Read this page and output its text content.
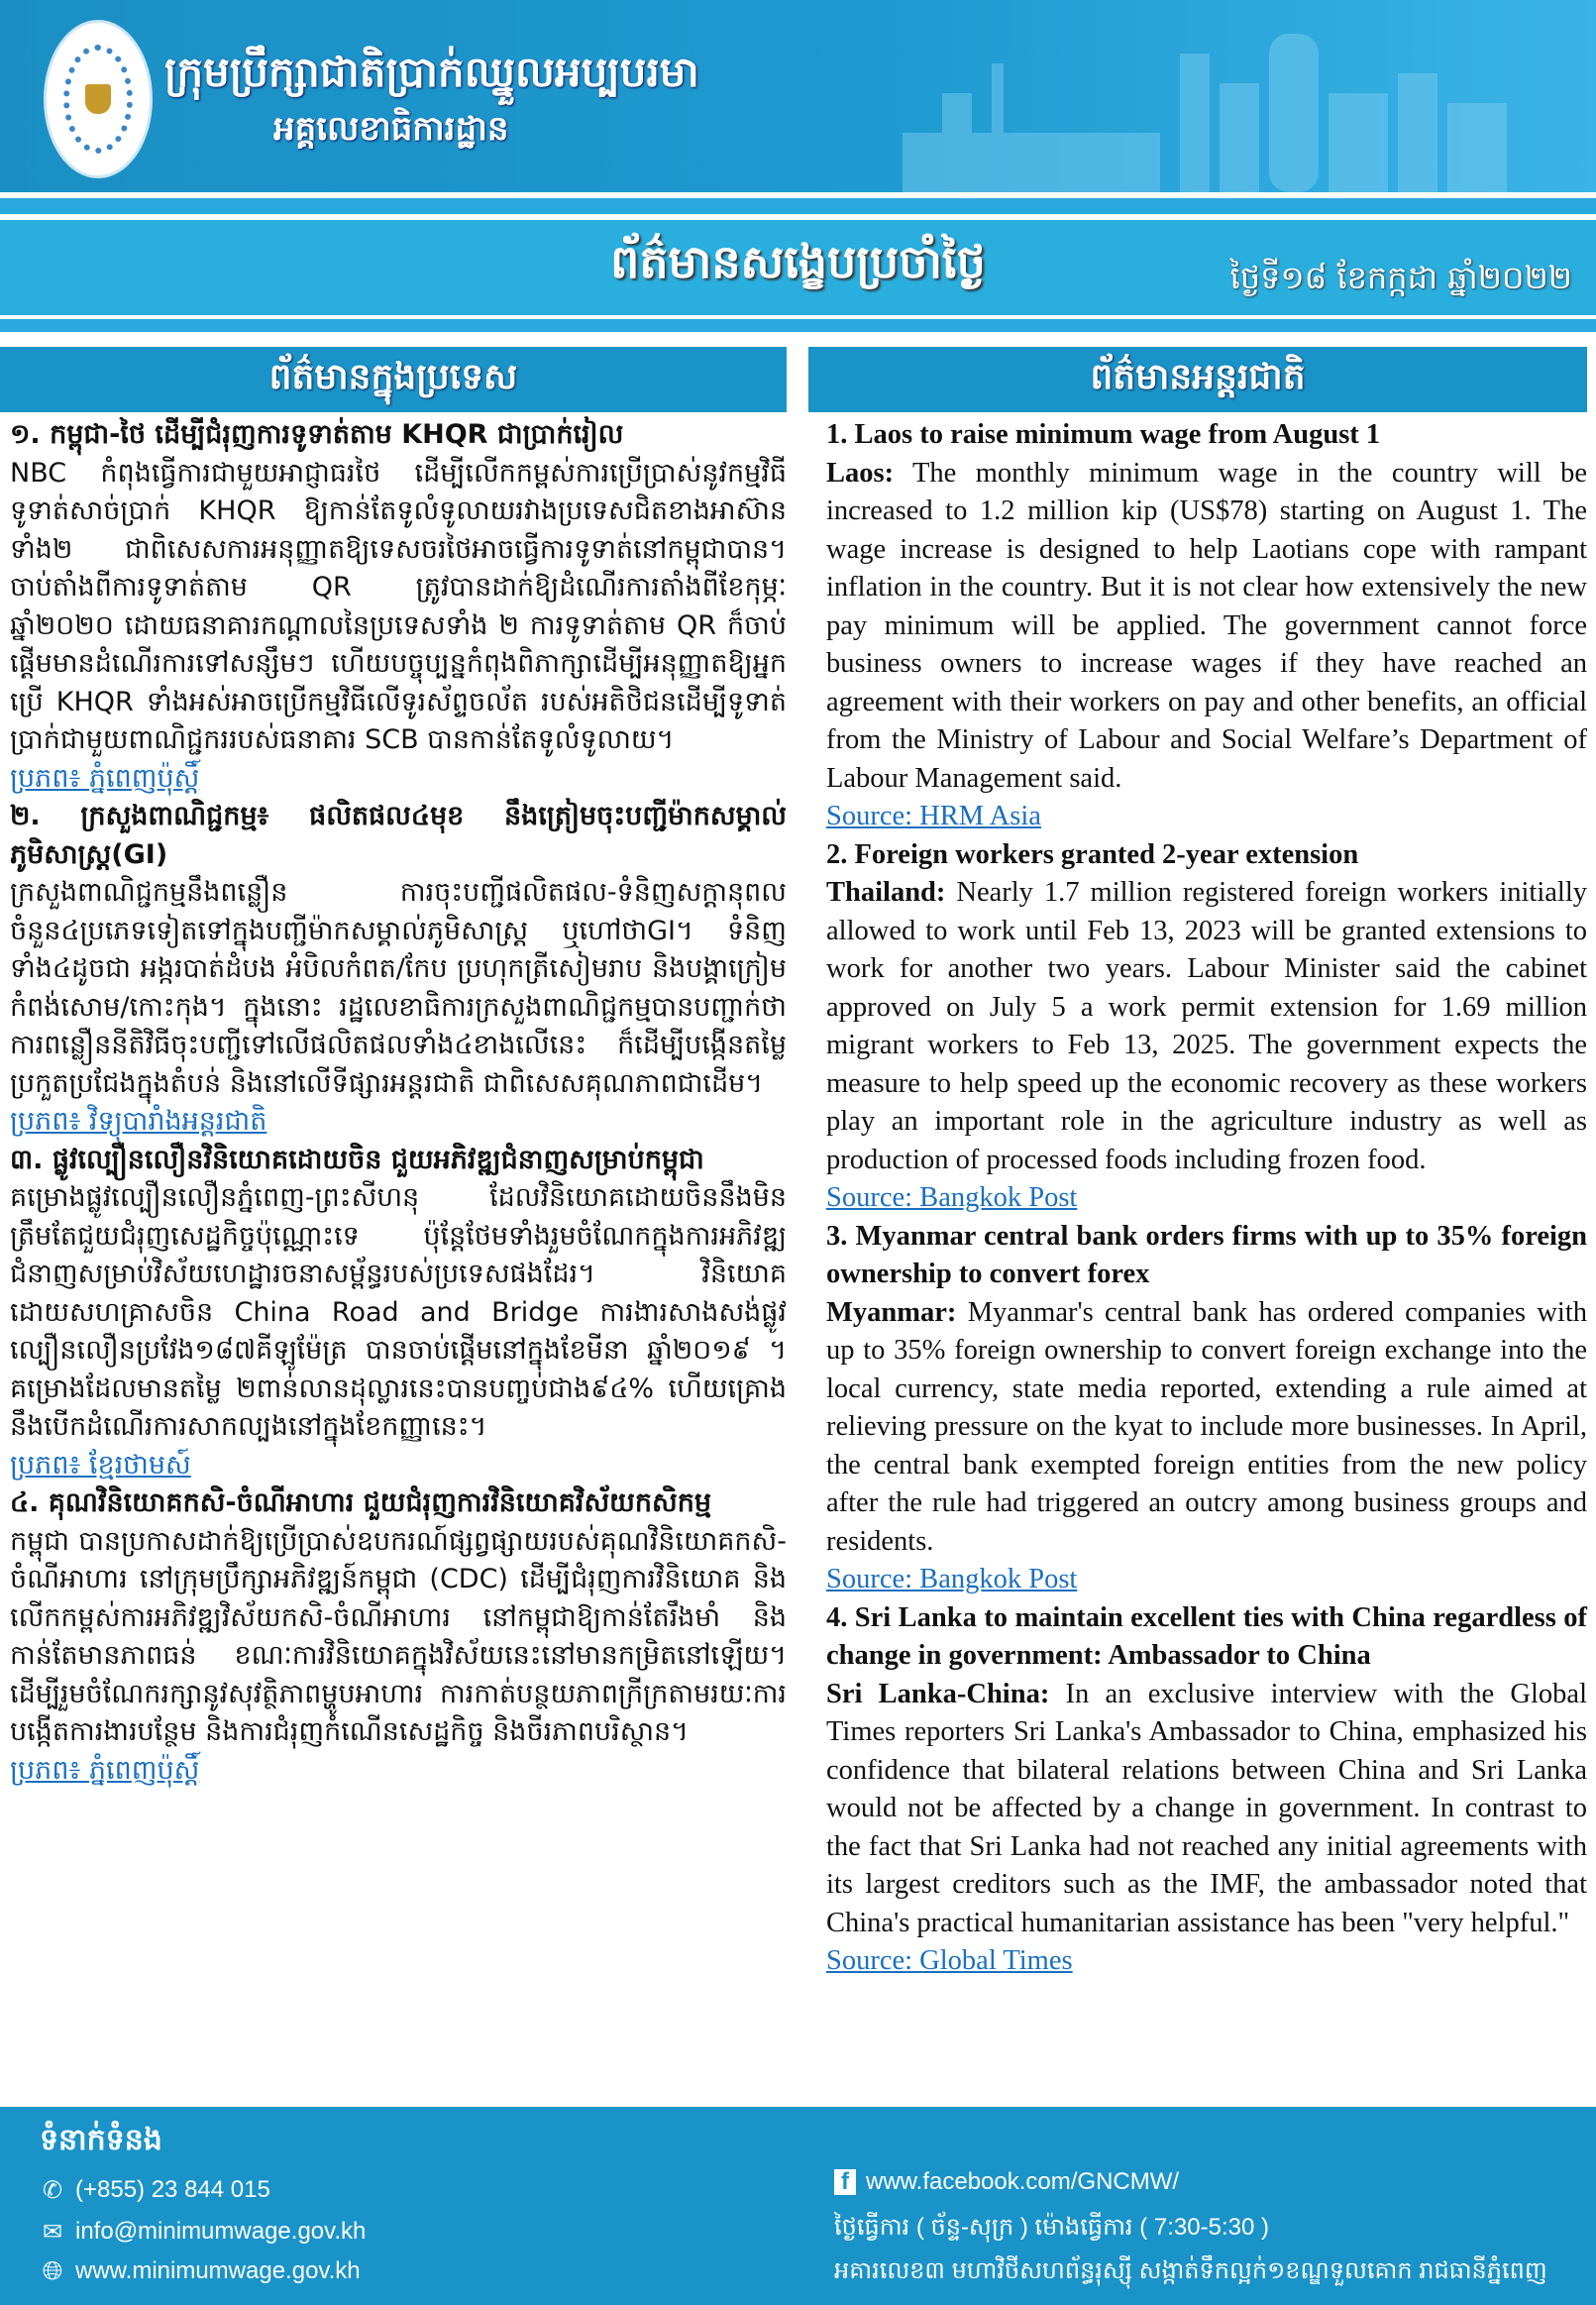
ក្រុមប្រឹក្សាជាតិប្រាក់ឈ្នួលអប្បបរមា
អគ្គលេខាធិការដ្ឋាន
ព័ត៌មានសង្ខេបប្រចាំថ្ងៃ	ថ្ងៃទី១៨ ខែកក្កដា ឆ្នាំ២០២២
ព័ត៌មានក្នុងប្រទេស	ព័ត៌មានអន្តរជាតិ
១. កម្ពុជា-ថៃ ដើម្បីជំរុញការទូទាត់តាម KHQR ជាប្រាក់រៀល
NBC កំពុងធ្វើការជាមួយអាជ្ញាធរថៃ ដើម្បីលើកកម្ពស់ការប្រើប្រាស់នូវកម្មវិធីទូទាត់សាច់ប្រាក់ KHQR ឱ្យកាន់តែទូលំទូលាយរវាងប្រទេសជិតខាងអាស៊ានទាំង២ ជាពិសេសការអនុញ្ញាតឱ្យទេសចរថៃអាចធ្វើការទូទាត់នៅកម្ពុជាបាន។ ចាប់តាំងពីការទូទាត់តាម QR ត្រូវបានដាក់ឱ្យដំណើរការតាំងពីខែកុម្ភៈ ឆ្នាំ២០២០ ដោយធនាគារកណ្តាលនៃប្រទេសទាំង ២ ការទូទាត់តាម QR ក៏ចាប់ផ្តើមមានដំណើរការទៅសន្សឹមៗ ហើយបច្ចុប្បន្នកំពុងពិភាក្សាដើម្បីអនុញ្ញាតឱ្យអ្នកប្រើ KHQR ទាំងអស់អាចប្រើកម្មវិធីលើទូរស័ព្ទចល័ត របស់អតិថិជនដើម្បីទូទាត់ប្រាក់ជាមួយពាណិជ្ជកររបស់ធនាគារ SCB បានកាន់តែទូលំទូលាយ។
ប្រភព៖ ភ្នំពេញប៉ុស្តិ៍
២. ក្រសួងពាណិជ្ជកម្ម៖ ផលិតផល៤មុខ នឹងត្រៀមចុះបញ្ជីម៉ាកសម្គាល់ភូមិសាស្ត្រ(GI)
ក្រសួងពាណិជ្ជកម្មនឹងពន្លឿន ការចុះបញ្ជីផលិតផល-ទំនិញសក្តានុពល ចំនួន៤ប្រភេទទៀតទៅក្នុងបញ្ជីម៉ាកសម្គាល់ភូមិសាស្ត្រ ឬហៅថាGI។ ទំនិញទាំង៤ដូចជា អង្ករបាត់ដំបង អំបិលកំពត/កែប ប្រហុកត្រីសៀមរាប និងបង្គាក្រៀមកំពង់សោម/កោះកុង។ ក្នុងនោះ រដ្ឋលេខាធិការក្រសួងពាណិជ្ជកម្មបានបញ្ជាក់ថា ការពន្លឿននីតិវិធីចុះបញ្ជីទៅលើផលិតផលទាំង៤ខាងលើនេះ ក៏ដើម្បីបង្កើនតម្លៃប្រកួតប្រជែងក្នុងតំបន់ និងនៅលើទីផ្សារអន្តរជាតិ ជាពិសេសគុណភាពជាដើម។
ប្រភព៖ វិទ្យុបារាំងអន្តរជាតិ
៣. ផ្លូវល្បឿនលឿនវិនិយោគដោយចិន ជួយអភិវឌ្ឍជំនាញសម្រាប់កម្ពុជា
គម្រោងផ្លូវល្បឿនលឿនភ្នំពេញ-ព្រះសីហនុ ដែលវិនិយោគដោយចិននឹងមិនត្រឹមតែជួយជំរុញសេដ្ឋកិច្ចប៉ុណ្ណោះទេ ប៉ុន្តែថែមទាំងរួមចំណែកក្នុងការអភិវឌ្ឍជំនាញសម្រាប់វិស័យហេដ្ឋារចនាសម្ព័ន្ធរបស់ប្រទេសផងដែរ។ វិនិយោគដោយសហគ្រាសចិន China Road and Bridge ការងារសាងសង់ផ្លូវល្បឿនលឿនប្រវែង១៨៧គីឡូម៉ែត្រ បានចាប់ផ្តើមនៅក្នុងខែមីនា ឆ្នាំ២០១៩ ។ គម្រោងដែលមានតម្លៃ ២ពាន់លានដុល្លារនេះបានបញ្ចប់ជាង៩៤% ហើយគ្រោងនឹងបើកដំណើរការសាកល្បងនៅក្នុងខែកញ្ញានេះ។
ប្រភព៖ ខ្មែរថាមស៍
៤. គុណវិនិយោគកសិ-ចំណីអាហារ ជួយជំរុញការវិនិយោគវិស័យកសិកម្ម
កម្ពុជា បានប្រកាសដាក់ឱ្យប្រើប្រាស់ឧបករណ៍ផ្សព្វផ្សាយរបស់គុណវិនិយោគកសិ-ចំណីអាហារ នៅក្រុមប្រឹក្សាអភិវឌ្ឍន៍កម្ពុជា (CDC) ដើម្បីជំរុញការវិនិយោគ និងលើកកម្ពស់ការអភិវឌ្ឍវិស័យកសិ-ចំណីអាហារ នៅកម្ពុជាឱ្យកាន់តែរឹងមាំ និងកាន់តែមានភាពធន់ ខណៈការវិនិយោគក្នុងវិស័យនេះនៅមានកម្រិតនៅឡើយ។ ដើម្បីរួមចំណែករក្សានូវសុវត្ថិភាពម្ហូបអាហារ ការកាត់បន្ថយភាពក្រីក្រតាមរយៈការបង្កើតការងារបន្ថែម និងការជំរុញកំណើនសេដ្ឋកិច្ច និងចីរភាពបរិស្ថាន។
ប្រភព៖ ភ្នំពេញប៉ុស្តិ៍
1. Laos to raise minimum wage from August 1
Laos: The monthly minimum wage in the country will be increased to 1.2 million kip (US$78) starting on August 1. The wage increase is designed to help Laotians cope with rampant inflation in the country. But it is not clear how extensively the new pay minimum will be applied. The government cannot force business owners to increase wages if they have reached an agreement with their workers on pay and other benefits, an official from the Ministry of Labour and Social Welfare’s Department of Labour Management said.
Source: HRM Asia
2. Foreign workers granted 2-year extension
Thailand: Nearly 1.7 million registered foreign workers initially allowed to work until Feb 13, 2023 will be granted extensions to work for another two years. Labour Minister said the cabinet approved on July 5 a work permit extension for 1.69 million migrant workers to Feb 13, 2025. The government expects the measure to help speed up the economic recovery as these workers play an important role in the agriculture industry as well as production of processed foods including frozen food.
Source: Bangkok Post
3. Myanmar central bank orders firms with up to 35% foreign ownership to convert forex
Myanmar: Myanmar's central bank has ordered companies with up to 35% foreign ownership to convert foreign exchange into the local currency, state media reported, extending a rule aimed at relieving pressure on the kyat to include more businesses. In April, the central bank exempted foreign entities from the new policy after the rule had triggered an outcry among business groups and residents.
Source: Bangkok Post
4. Sri Lanka to maintain excellent ties with China regardless of change in government: Ambassador to China
Sri Lanka-China: In an exclusive interview with the Global Times reporters Sri Lanka's Ambassador to China, emphasized his confidence that bilateral relations between China and Sri Lanka would not be affected by a change in government. In contrast to the fact that Sri Lanka had not reached any initial agreements with its largest creditors such as the IMF, the ambassador noted that China's practical humanitarian assistance has been "very helpful."
Source: Global Times
ទំនាក់ទំនង
✆ (+855) 23 844 015
✉ info@minimumwage.gov.kh
🌐︎ www.minimumwage.gov.kh
f www.facebook.com/GNCMW/
ថ្ងៃធ្វើការ ( ច័ន្ទ-សុក្រ ) ម៉ោងធ្វើការ ( 7:30-5:30 )
អគារលេខ៣ មហាវិថីសហព័ន្ធរុស្ស៊ី សង្កាត់ទឹកល្អក់១ខណ្ឌទួលគោក រាជធានីភ្នំពេញ
